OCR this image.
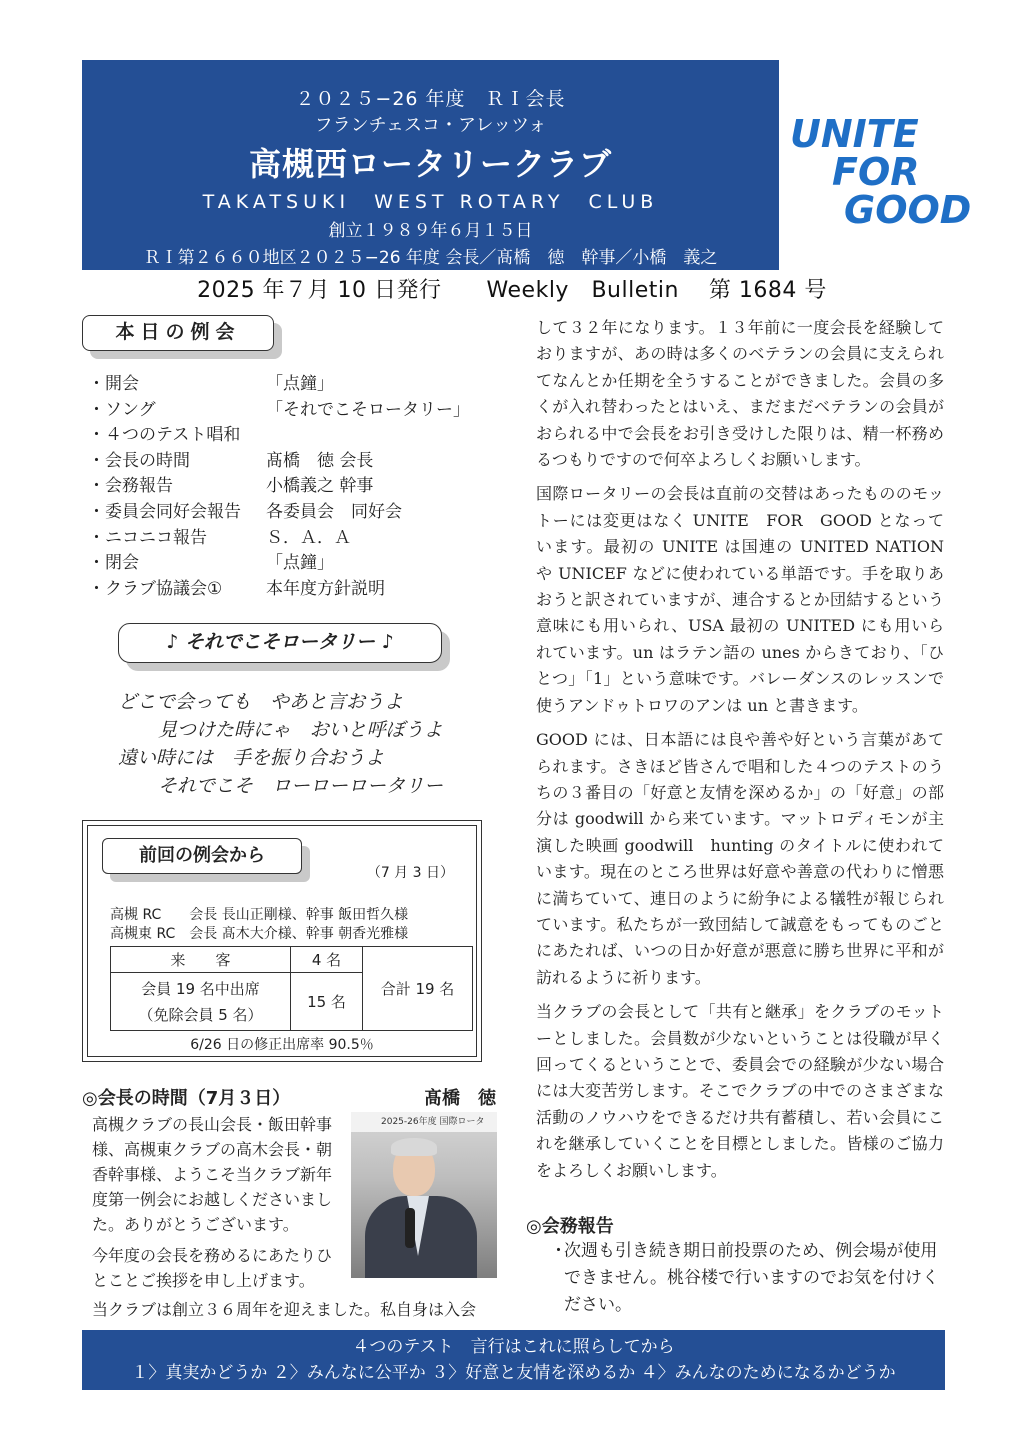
２０２５−26 年度　ＲＩ会長
フランチェスコ・アレッツォ
高槻西ロータリークラブ
TAKATSUKI　WEST ROTARY　CLUB
創立１９８９年６月１５日
ＲＩ第２６６０地区２０２５−26 年度 会長／髙橋　徳　幹事／小橋　義之
UNITE
FOR
GOOD
2025 年７月 10 日発行　　Weekly　Bulletin　 第 1684 号
本日の例会
・開会	「点鐘」
・ソング	「それでこそロータリー」
・４つのテスト唱和
・会長の時間	髙橋　徳 会長
・会務報告	小橋義之 幹事
・委員会同好会報告	各委員会　同好会
・ニコニコ報告	Ｓ．Ａ．Ａ
・閉会	「点鐘」
・クラブ協議会①	本年度方針説明
♪ それでこそロータリー ♪
どこで会っても　やあと言おうよ
見つけた時にゃ　おいと呼ぼうよ
遠い時には　手を振り合おうよ
それでこそ　ローローロータリー
前回の例会から
（7 月 3 日）
高槻 RC　　会長 長山正剛様、幹事 飯田哲久様
高槻東 RC　会長 髙木大介様、幹事 朝香光雅様
来　　客	4 名	合計 19 名

会員 19 名中出席
（免除会員 5 名）	15 名	
6/26 日の修正出席率 90.5％
◎会長の時間（7月３日）	髙橋　徳

高槻クラブの長山会長・飯田幹事様、高槻東クラブの高木会長・朝香幹事様、ようこそ当クラブ新年度第一例会にお越しくださいました。ありがとうございます。

今年度の会長を務めるにあたりひとことご挨拶を申し上げます。

当クラブは創立３６周年を迎えました。私自身は入会
2025-26年度 国際ロータ

して３２年になります。１３年前に一度会長を経験しておりますが、あの時は多くのベテランの会員に支えられてなんとか任期を全うすることができました。会員の多くが入れ替わったとはいえ、まだまだベテランの会員がおられる中で会長をお引き受けした限りは、精一杯務めるつもりですので何卒よろしくお願いします。

国際ロータリーの会長は直前の交替はあったもののモットーには変更はなく UNITE　FOR　GOOD となっています。最初の UNITE は国連の UNITED NATION や UNICEF などに使われている単語です。手を取りあおうと訳されていますが、連合するとか団結するという意味にも用いられ、USA 最初の UNITED にも用いられています。un はラテン語の unes からきており、「ひとつ」「1」という意味です。バレーダンスのレッスンで使うアンドゥトロワのアンは un と書きます。

GOOD には、日本語には良や善や好という言葉があてられます。さきほど皆さんで唱和した４つのテストのうちの３番目の「好意と友情を深めるか」の「好意」の部分は goodwill から来ています。マットロディモンが主演した映画 goodwill　hunting のタイトルに使われています。現在のところ世界は好意や善意の代わりに憎悪に満ちていて、連日のように紛争による犠牲が報じられています。私たちが一致団結して誠意をもってものごとにあたれば、いつの日か好意が悪意に勝ち世界に平和が訪れるように祈ります。

当クラブの会長として「共有と継承」をクラブのモットーとしました。会員数が少ないということは役職が早く回ってくるということで、委員会での経験が少ない場合には大変苦労します。そこでクラブの中でのさまざまな活動のノウハウをできるだけ共有蓄積し、若い会員にこれを継承していくことを目標としました。皆様のご協力をよろしくお願いします。

◎会務報告
・
次週も引き続き期日前投票のため、例会場が使用できません。桃谷楼で行いますのでお気を付けください。
４つのテスト　言行はこれに照らしてから
１〉真実かどうか ２〉みんなに公平か ３〉好意と友情を深めるか ４〉みんなのためになるかどうか
